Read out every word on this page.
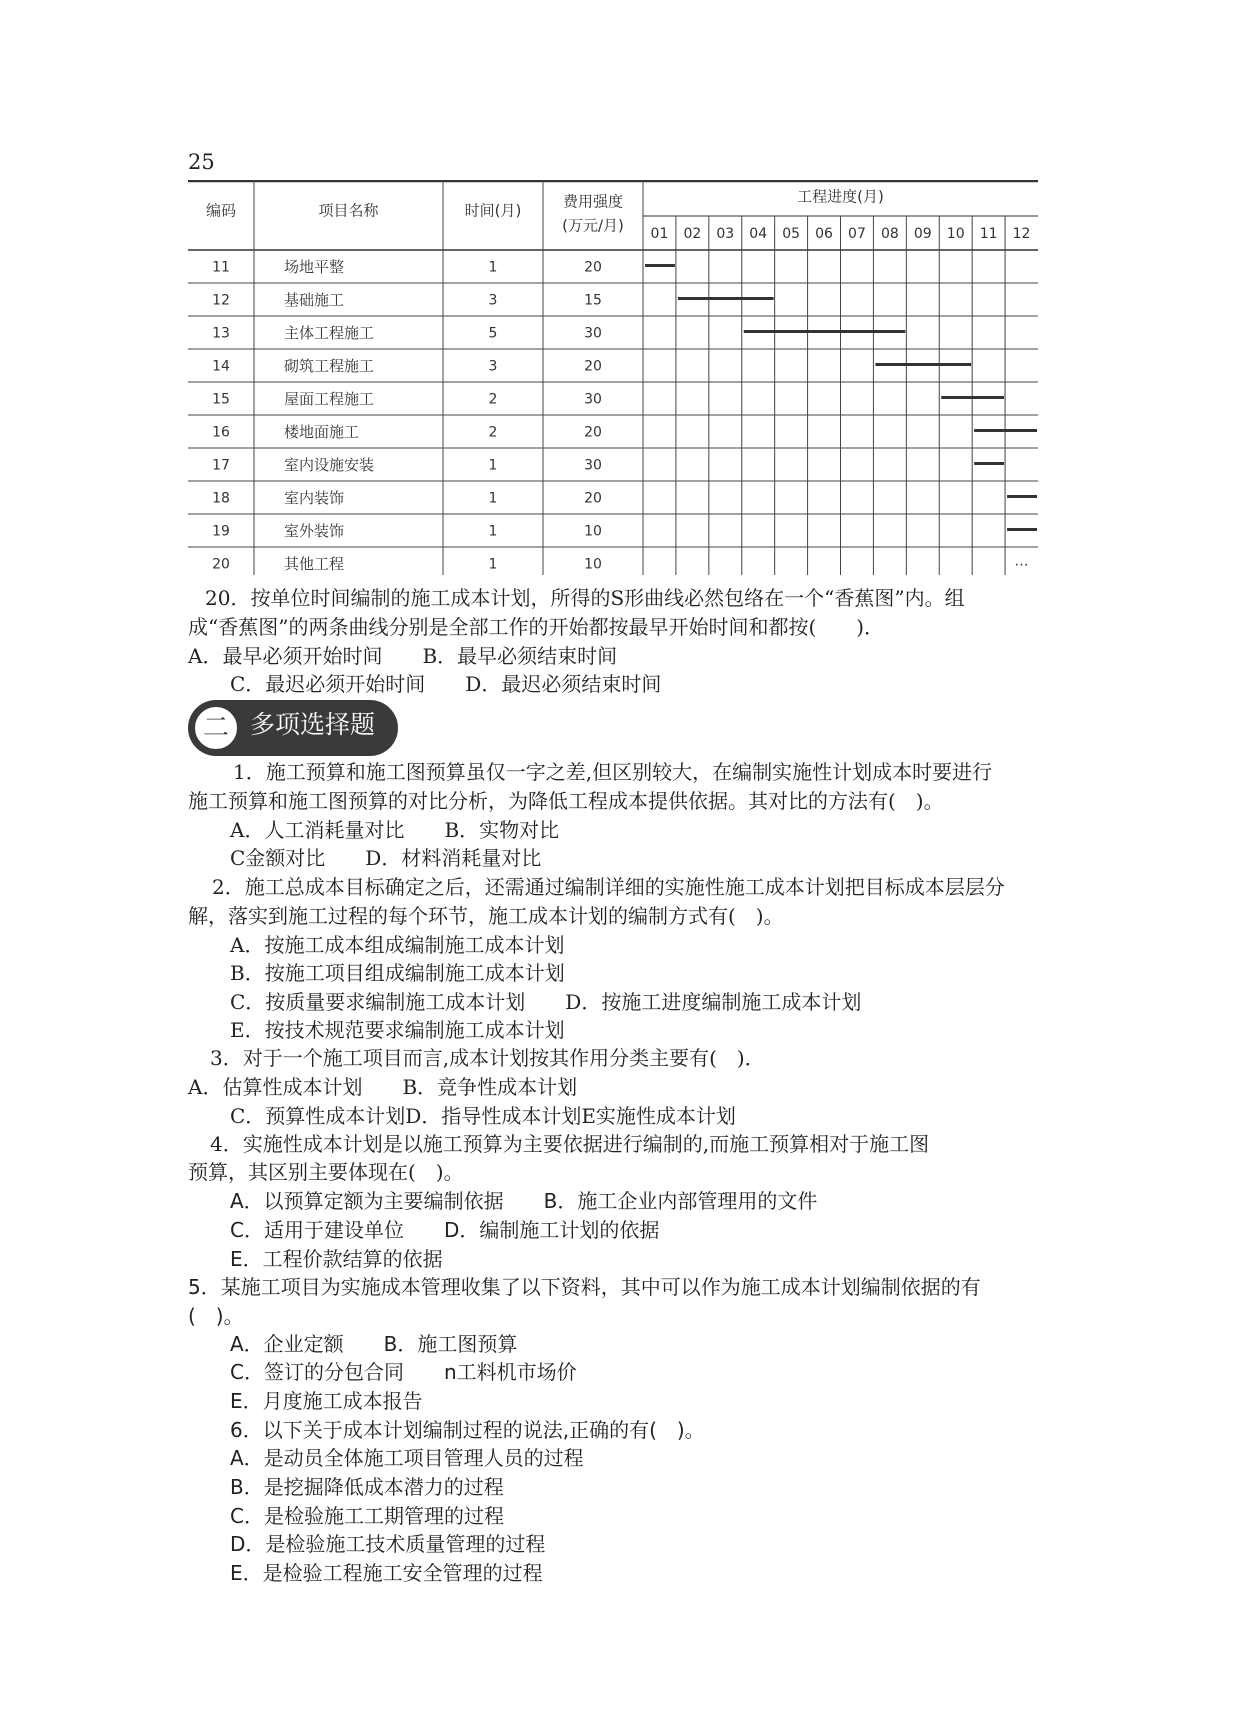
25
编码	项目名称	时间(月)	费用强度
(万元/月)
工程进度(月)
01 02 03 04 05 06 07 08 09 10 11 12
11	场地平整	1	20
12	基础施工	3	15
13	主体工程施工	5	30
14	砌筑工程施工	3	20
15	屋面工程施工	2	30
16	楼地面施工	2	20
17	室内设施安装	1	30
18	室内装饰	1	20
19	室外装饰	1	10
20	其他工程	1	10	…
20．按单位时间编制的施工成本计划，所得的S形曲线必然包络在一个“香蕉图”内。组
成“香蕉图”的两条曲线分别是全部工作的开始都按最早开始时间和都按(　　)．
A．最早必须开始时间　　B．最早必须结束时间
C．最迟必须开始时间　　D．最迟必须结束时间
二 多项选择题
1．施工预算和施工图预算虽仅一字之差,但区别较大，在编制实施性计划成本时要进行
施工预算和施工图预算的对比分析，为降低工程成本提供依据。其对比的方法有(　)。
A．人工消耗量对比　　B．实物对比
C金额对比　　D．材料消耗量对比
2．施工总成本目标确定之后，还需通过编制详细的实施性施工成本计划把目标成本层层分
解，落实到施工过程的每个环节，施工成本计划的编制方式有(　)。
A．按施工成本组成编制施工成本计划
B．按施工项目组成编制施工成本计划
C．按质量要求编制施工成本计划　　D．按施工进度编制施工成本计划
E．按技术规范要求编制施工成本计划
3．对于一个施工项目而言,成本计划按其作用分类主要有(　)．
A．估算性成本计划　　B．竞争性成本计划
C．预算性成本计划D．指导性成本计划E实施性成本计划
4．实施性成本计划是以施工预算为主要依据进行编制的,而施工预算相对于施工图
预算，其区别主要体现在(　)。
A．以预算定额为主要编制依据　　B．施工企业内部管理用的文件
C．适用于建设单位　　D．编制施工计划的依据
E．工程价款结算的依据
5．某施工项目为实施成本管理收集了以下资料，其中可以作为施工成本计划编制依据的有
(　)。
A．企业定额　　B．施工图预算
C．签订的分包合同　　n工料机市场价
E．月度施工成本报告
6．以下关于成本计划编制过程的说法,正确的有(　)。
A．是动员全体施工项目管理人员的过程
B．是挖掘降低成本潜力的过程
C．是检验施工工期管理的过程
D．是检验施工技术质量管理的过程
E．是检验工程施工安全管理的过程
